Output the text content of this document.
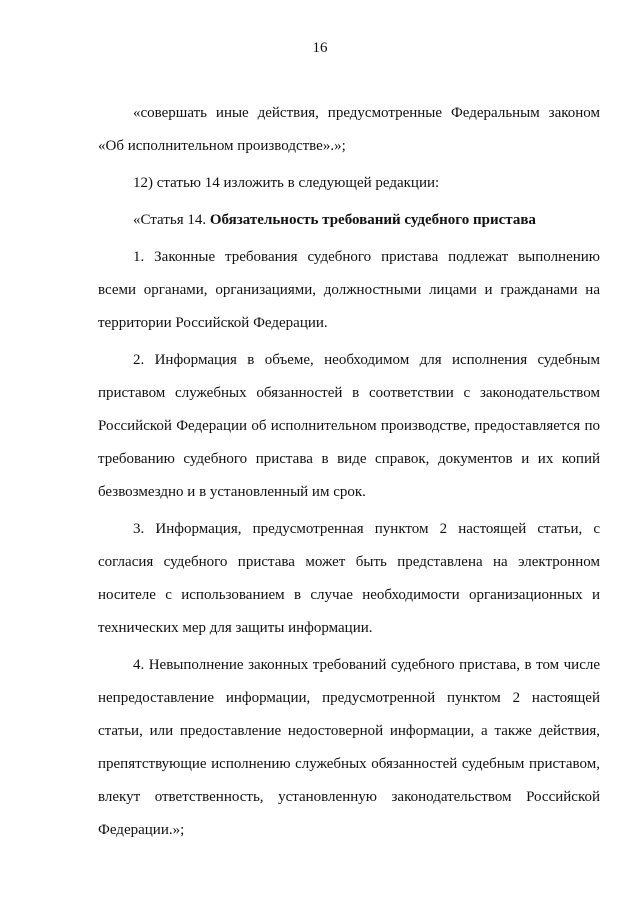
16

«совершать иные действия, предусмотренные Федеральным законом «Об исполнительном производстве».»;

12) статью 14 изложить в следующей редакции:

«Статья 14. Обязательность требований судебного пристава

1. Законные требования судебного пристава подлежат выполнению всеми органами, организациями, должностными лицами и гражданами на территории Российской Федерации.

2. Информация в объеме, необходимом для исполнения судебным приставом служебных обязанностей в соответствии с законодательством Российской Федерации об исполнительном производстве, предоставляется по требованию судебного пристава в виде справок, документов и их копий безвозмездно и в установленный им срок.

3. Информация, предусмотренная пунктом 2 настоящей статьи, с согласия судебного пристава может быть представлена на электронном носителе с использованием в случае необходимости организационных и технических мер для защиты информации.

4. Невыполнение законных требований судебного пристава, в том числе непредоставление информации, предусмотренной пунктом 2 настоящей статьи, или предоставление недостоверной информации, а также действия, препятствующие исполнению служебных обязанностей судебным приставом, влекут ответственность, установленную законодательством Российской Федерации.»;
